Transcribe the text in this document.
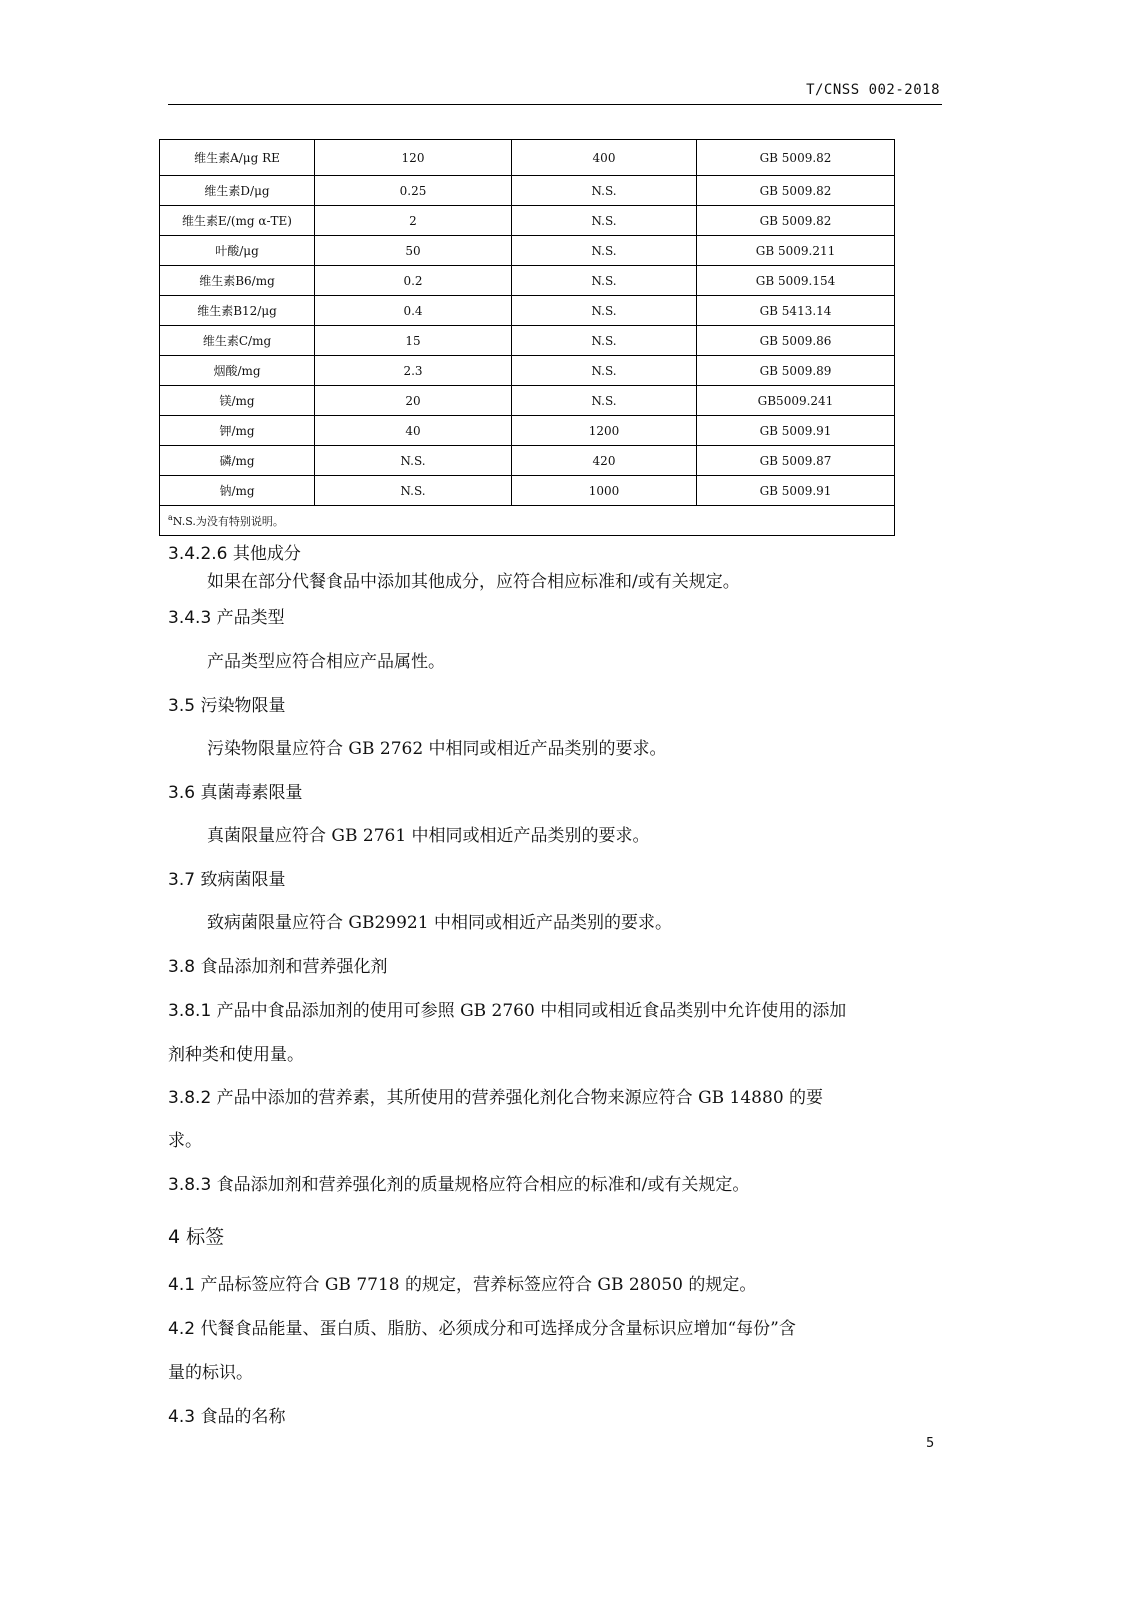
T/CNSS 002-2018
维生素A/μg RE	120	400	GB 5009.82
维生素D/μg	0.25	N.S.	GB 5009.82
维生素E/(mg α-TE)	2	N.S.	GB 5009.82
叶酸/μg	50	N.S.	GB 5009.211
维生素B6/mg	0.2	N.S.	GB 5009.154
维生素B12/μg	0.4	N.S.	GB 5413.14
维生素C/mg	15	N.S.	GB 5009.86
烟酸/mg	2.3	N.S.	GB 5009.89
镁/mg	20	N.S.	GB5009.241
钾/mg	40	1200	GB 5009.91
磷/mg	N.S.	420	GB 5009.87
钠/mg	N.S.	1000	GB 5009.91
$^a$N.S.为没有特别说明。			
3.4.2.6 其他成分
如果在部分代餐食品中添加其他成分，应符合相应标准和/或有关规定。
3.4.3 产品类型
产品类型应符合相应产品属性。
3.5 污染物限量
污染物限量应符合 GB 2762 中相同或相近产品类别的要求。
3.6 真菌毒素限量
真菌限量应符合 GB 2761 中相同或相近产品类别的要求。
3.7 致病菌限量
致病菌限量应符合 GB29921 中相同或相近产品类别的要求。
3.8 食品添加剂和营养强化剂
3.8.1 产品中食品添加剂的使用可参照 GB 2760 中相同或相近食品类别中允许使用的添加
剂种类和使用量。
3.8.2 产品中添加的营养素，其所使用的营养强化剂化合物来源应符合 GB 14880 的要
求。
3.8.3 食品添加剂和营养强化剂的质量规格应符合相应的标准和/或有关规定。
4 标签
4.1 产品标签应符合 GB 7718 的规定，营养标签应符合 GB 28050 的规定。
4.2 代餐食品能量、蛋白质、脂肪、必须成分和可选择成分含量标识应增加“每份”含
量的标识。
4.3 食品的名称
5
